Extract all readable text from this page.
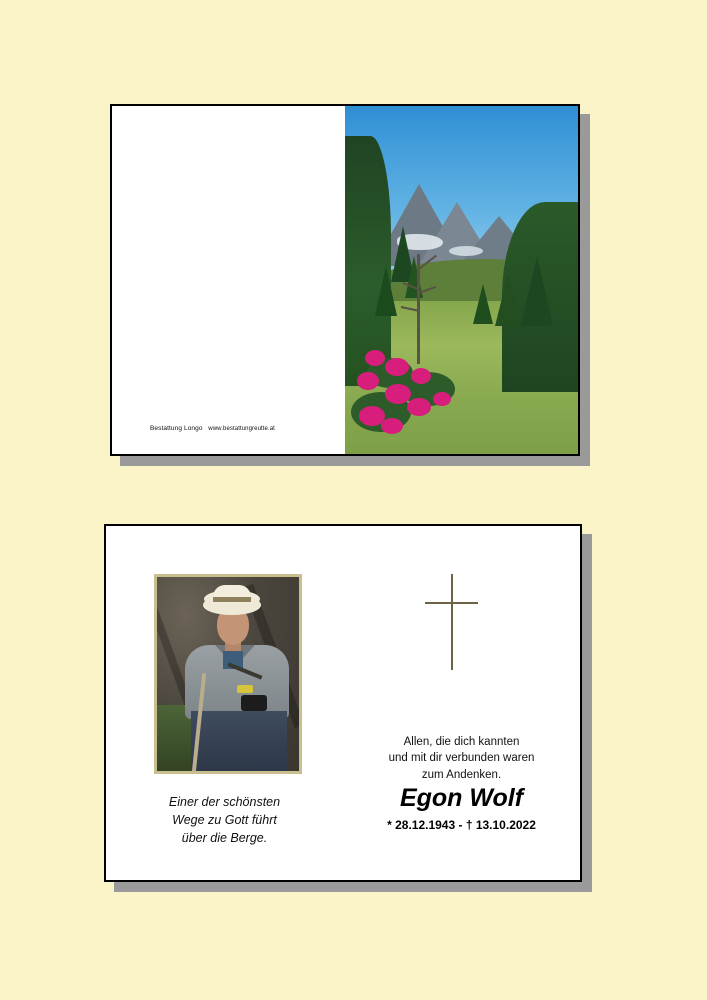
Bestattung Longo www.bestattungreutte.at
Einer der schönsten
Wege zu Gott führt
über die Berge.
Allen, die dich kannten
und mit dir verbunden waren
zum Andenken.
Egon Wolf
* 28.12.1943 - † 13.10.2022
